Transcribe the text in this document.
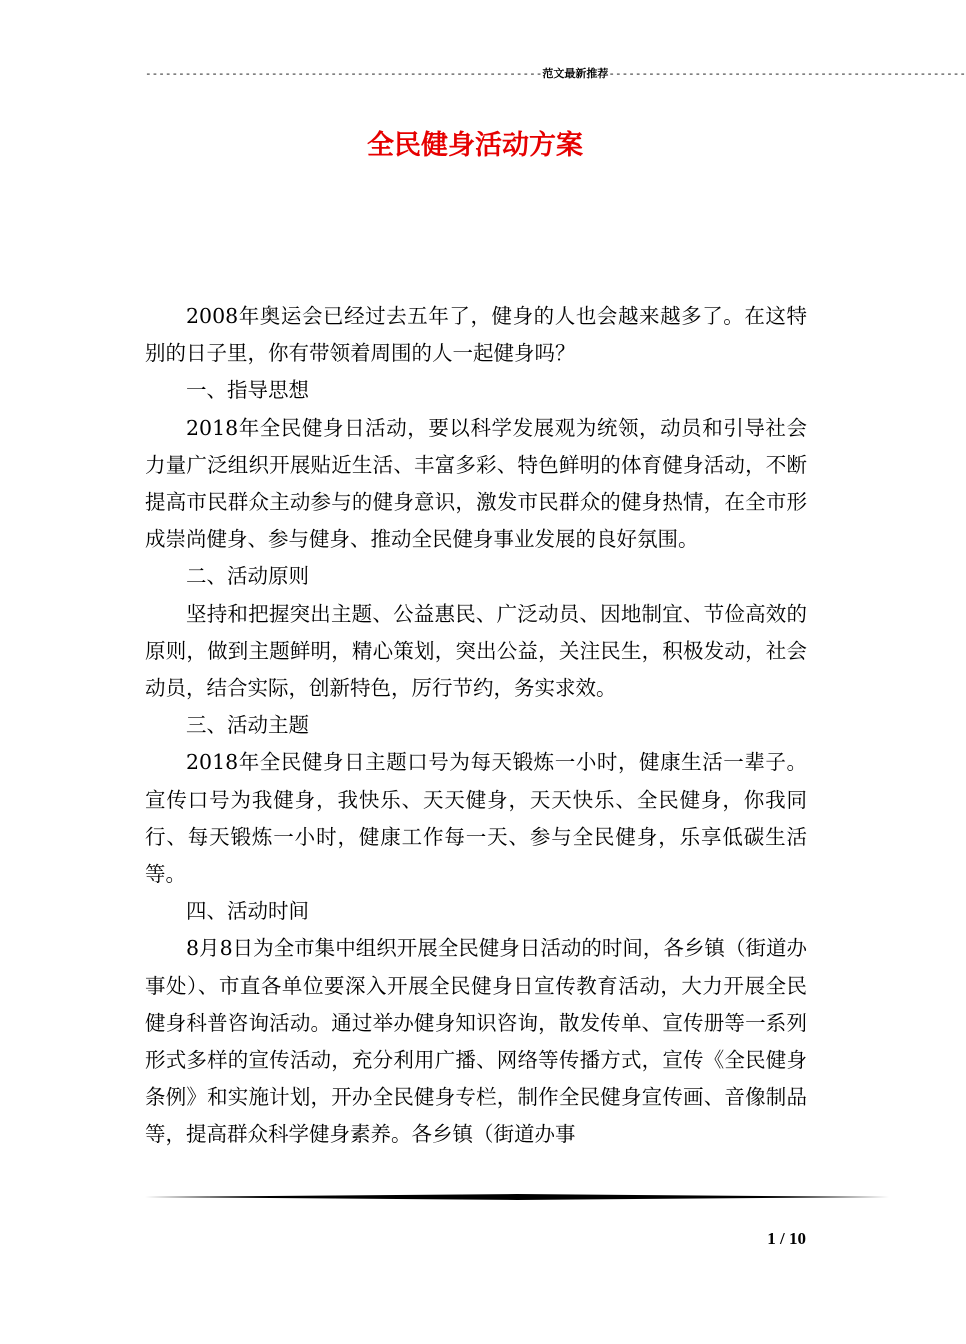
------------------------------------------------------------范文最新推荐------------------------------------------------------
全民健身活动方案

2008年奥运会已经过去五年了，健身的人也会越来越多了。在这特别的日子里，你有带领着周围的人一起健身吗？

一、指导思想

2018年全民健身日活动，要以科学发展观为统领，动员和引导社会力量广泛组织开展贴近生活、丰富多彩、特色鲜明的体育健身活动，不断提高市民群众主动参与的健身意识，激发市民群众的健身热情，在全市形成崇尚健身、参与健身、推动全民健身事业发展的良好氛围。

二、活动原则

坚持和把握突出主题、公益惠民、广泛动员、因地制宜、节俭高效的原则，做到主题鲜明，精心策划，突出公益，关注民生，积极发动，社会动员，结合实际，创新特色，厉行节约，务实求效。

三、活动主题

2018年全民健身日主题口号为每天锻炼一小时，健康生活一辈子。宣传口号为我健身，我快乐、天天健身，天天快乐、全民健身，你我同行、每天锻炼一小时，健康工作每一天、参与全民健身，乐享低碳生活等。

四、活动时间

8月8日为全市集中组织开展全民健身日活动的时间，各乡镇（街道办事处）、市直各单位要深入开展全民健身日宣传教育活动，大力开展全民健身科普咨询活动。通过举办健身知识咨询，散发传单、宣传册等一系列形式多样的宣传活动，充分利用广播、网络等传播方式，宣传《全民健身条例》和实施计划，开办全民健身专栏，制作全民健身宣传画、音像制品等，提高群众科学健身素养。各乡镇（街道办事

1 / 10
